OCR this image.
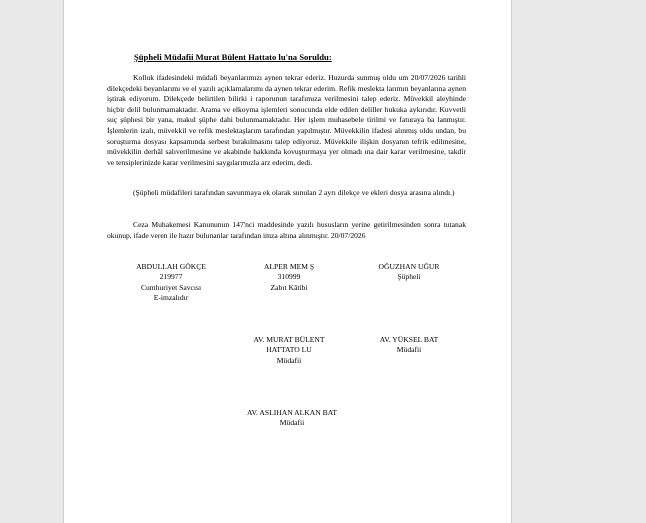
Şüpheli Müdafii Murat Bülent Hattato lu'na Soruldu:

Kolluk ifadesindeki müdafi beyanlarımızı aynen tekrar ederiz. Huzurda sunmuş oldu um 20/07/2026 tarihli dilekçedeki beyanlarımı ve el yazılı açıklamalarımı da aynen tekrar ederim. Refik meslekta larımın beyanlarına aynen iştirak ediyorum. Dilekçede belirtilen bilirki i raporunun tarafımıza verilmesini talep ederiz. Müvekkil aleyhinde hiçbir delil bulunmamaktadır. Arama ve elkoyma işlemleri sonucunda elde edilen deliller hukuka aykırıdır. Kuvvetli suç şüphesi bir yana, makul şüphe dahi bulunmamaktadır. Her işlem muhasebele tirilmi ve faturaya ba lanmıştır. İşlemlerin izalı, müvekkil ve refik meslektaşlarım tarafından yapılmıştır. Müvekkilin ifadesi alınmış oldu undan, bu soruşturma dosyası kapsamında serbest bırakılmasını talep ediyoruz. Müvekkile ilişkin dosyanın tefrik edilmesine, müvekkilin derhâl salıverilmesine ve akabinde hakkında kovuşturmaya yer olmadı ına dair karar verilmesine, takdir ve tensiplerinizde karar verilmesini saygılarımızla arz ederim, dedi.

(Şüpheli müdafileri tarafından savunmaya ek olarak sunulan 2 ayrı dilekçe ve ekleri dosya arasına alındı.)

Ceza Muhakemesi Kanununun 147'nci maddesinde yazılı hususların yerine getirilmesinden sonra tutanak okunup, ifade veren ile hazır bulunanlar tarafından imza altına alınmıştır. 20/07/2026

ABDULLAH GÖKÇE
219977
Cumhuriyet Savcısı
E-imzalıdır
ALPER MEM Ş
310999
Zabıt Kâtibi
OĞUZHAN UĞUR
Şüpheli
AV. MURAT BÜLENT
HATTATO LU
Müdafii
AV. YÜKSEL BAT
Müdafii
AV. ASLIHAN ALKAN BAT
Müdafii
